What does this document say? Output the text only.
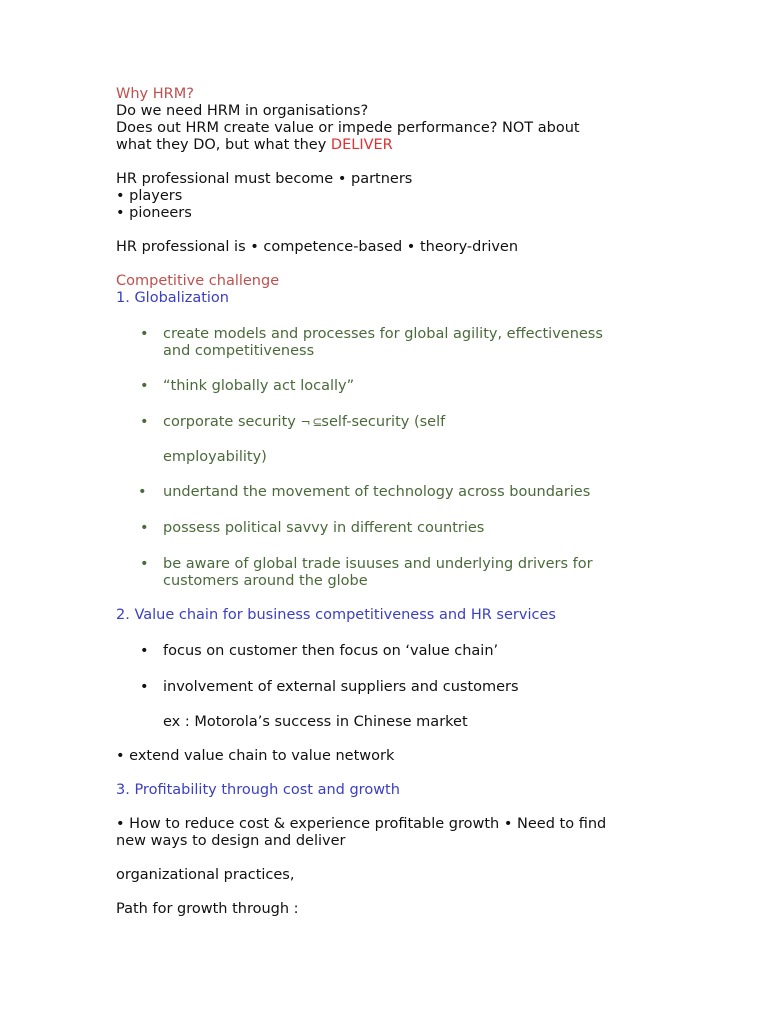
Why HRM?
Do we need HRM in organisations?
Does out HRM create value or impede performance? NOT about
what they DO, but what they DELIVER
HR professional must become • partners
• players
• pioneers
HR professional is • competence-based • theory-driven
Competitive challenge
1. Globalization
• create models and processes for global agility, effectiveness
and competitiveness
• “think globally act locally”
• corporate security ¬ ⊆self-security (self
employability)
• undertand the movement of technology across boundaries
• possess political savvy in different countries
• be aware of global trade isuuses and underlying drivers for
customers around the globe
2. Value chain for business competitiveness and HR services
• focus on customer then focus on ‘value chain’
• involvement of external suppliers and customers
ex : Motorola’s success in Chinese market
• extend value chain to value network
3. Profitability through cost and growth
• How to reduce cost & experience profitable growth • Need to find
new ways to design and deliver
organizational practices,
Path for growth through :
